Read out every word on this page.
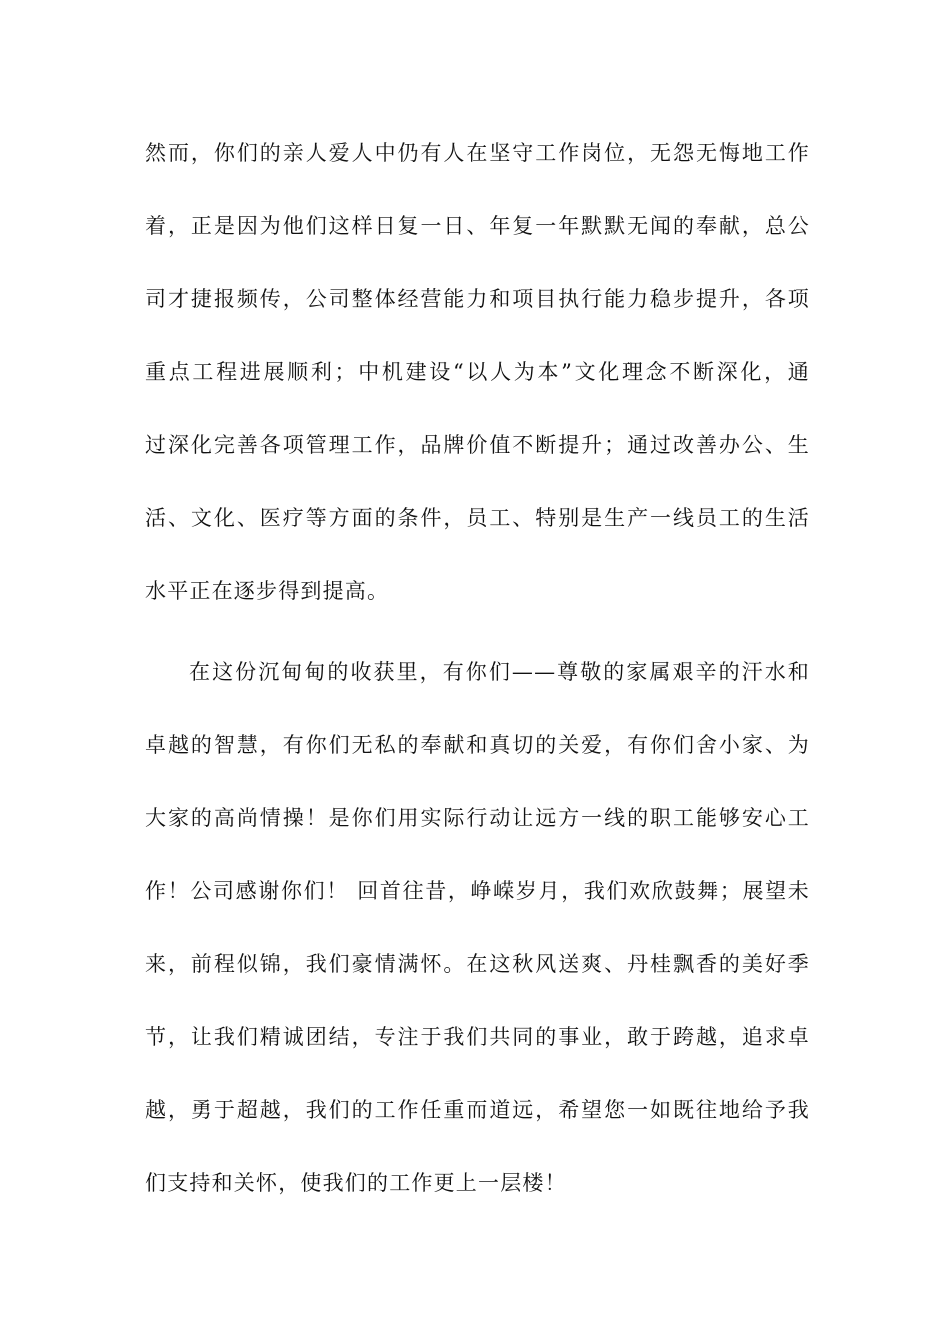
然而，你们的亲人爱人中仍有人在坚守工作岗位，无怨无悔地工作
着，正是因为他们这样日复一日、年复一年默默无闻的奉献，总公
司才捷报频传，公司整体经营能力和项目执行能力稳步提升，各项
重点工程进展顺利；中机建设“以人为本”文化理念不断深化，通
过深化完善各项管理工作，品牌价值不断提升；通过改善办公、生
活、文化、医疗等方面的条件，员工、特别是生产一线员工的生活
水平正在逐步得到提高。
在这份沉甸甸的收获里，有你们——尊敬的家属艰辛的汗水和
卓越的智慧，有你们无私的奉献和真切的关爱，有你们舍小家、为
大家的高尚情操！是你们用实际行动让远方一线的职工能够安心工
作！公司感谢你们！ 回首往昔，峥嵘岁月，我们欢欣鼓舞；展望未
来，前程似锦，我们豪情满怀。在这秋风送爽、丹桂飘香的美好季
节，让我们精诚团结，专注于我们共同的事业，敢于跨越，追求卓
越，勇于超越，我们的工作任重而道远，希望您一如既往地给予我
们支持和关怀，使我们的工作更上一层楼！
